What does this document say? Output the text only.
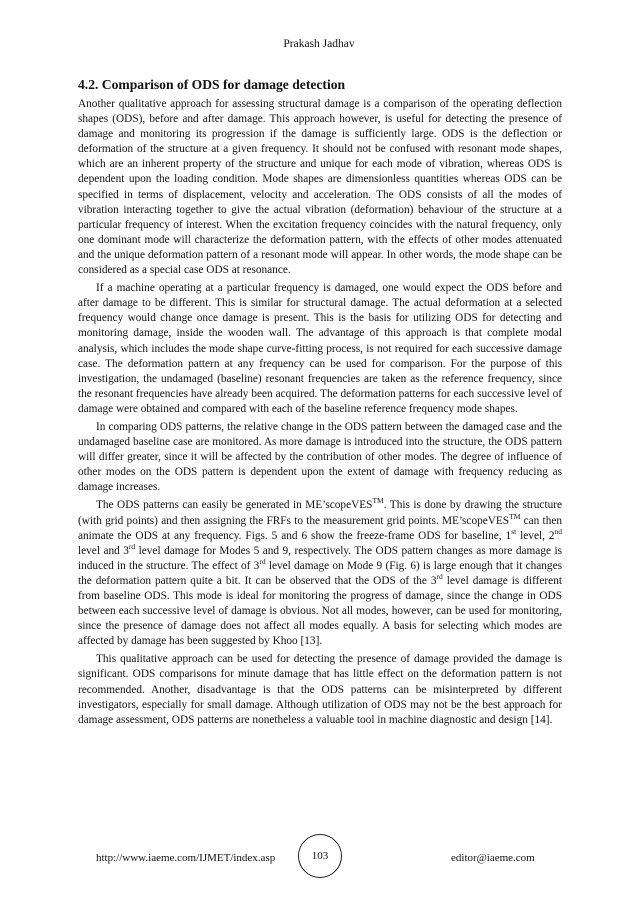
Prakash Jadhav
4.2. Comparison of ODS for damage detection

Another qualitative approach for assessing structural damage is a comparison of the operating deflection shapes (ODS), before and after damage. This approach however, is useful for detecting the presence of damage and monitoring its progression if the damage is sufficiently large. ODS is the deflection or deformation of the structure at a given frequency. It should not be confused with resonant mode shapes, which are an inherent property of the structure and unique for each mode of vibration, whereas ODS is dependent upon the loading condition. Mode shapes are dimensionless quantities whereas ODS can be specified in terms of displacement, velocity and acceleration. The ODS consists of all the modes of vibration interacting together to give the actual vibration (deformation) behaviour of the structure at a particular frequency of interest. When the excitation frequency coincides with the natural frequency, only one dominant mode will characterize the deformation pattern, with the effects of other modes attenuated and the unique deformation pattern of a resonant mode will appear. In other words, the mode shape can be considered as a special case ODS at resonance.

If a machine operating at a particular frequency is damaged, one would expect the ODS before and after damage to be different. This is similar for structural damage. The actual deformation at a selected frequency would change once damage is present. This is the basis for utilizing ODS for detecting and monitoring damage, inside the wooden wall. The advantage of this approach is that complete modal analysis, which includes the mode shape curve-fitting process, is not required for each successive damage case. The deformation pattern at any frequency can be used for comparison. For the purpose of this investigation, the undamaged (baseline) resonant frequencies are taken as the reference frequency, since the resonant frequencies have already been acquired. The deformation patterns for each successive level of damage were obtained and compared with each of the baseline reference frequency mode shapes.

In comparing ODS patterns, the relative change in the ODS pattern between the damaged case and the undamaged baseline case are monitored. As more damage is introduced into the structure, the ODS pattern will differ greater, since it will be affected by the contribution of other modes. The degree of influence of other modes on the ODS pattern is dependent upon the extent of damage with frequency reducing as damage increases.

The ODS patterns can easily be generated in ME’scopeVES™. This is done by drawing the structure (with grid points) and then assigning the FRFs to the measurement grid points. ME’scopeVES™ can then animate the ODS at any frequency. Figs. 5 and 6 show the freeze-frame ODS for baseline, 1st level, 2nd level and 3rd level damage for Modes 5 and 9, respectively. The ODS pattern changes as more damage is induced in the structure. The effect of 3rd level damage on Mode 9 (Fig. 6) is large enough that it changes the deformation pattern quite a bit. It can be observed that the ODS of the 3rd level damage is different from baseline ODS. This mode is ideal for monitoring the progress of damage, since the change in ODS between each successive level of damage is obvious. Not all modes, however, can be used for monitoring, since the presence of damage does not affect all modes equally. A basis for selecting which modes are affected by damage has been suggested by Khoo [13].

This qualitative approach can be used for detecting the presence of damage provided the damage is significant. ODS comparisons for minute damage that has little effect on the deformation pattern is not recommended. Another, disadvantage is that the ODS patterns can be misinterpreted by different investigators, especially for small damage. Although utilization of ODS may not be the best approach for damage assessment, ODS patterns are nonetheless a valuable tool in machine diagnostic and design [14].

http://www.iaeme.com/IJMET/index.asp	103	editor@iaeme.com
